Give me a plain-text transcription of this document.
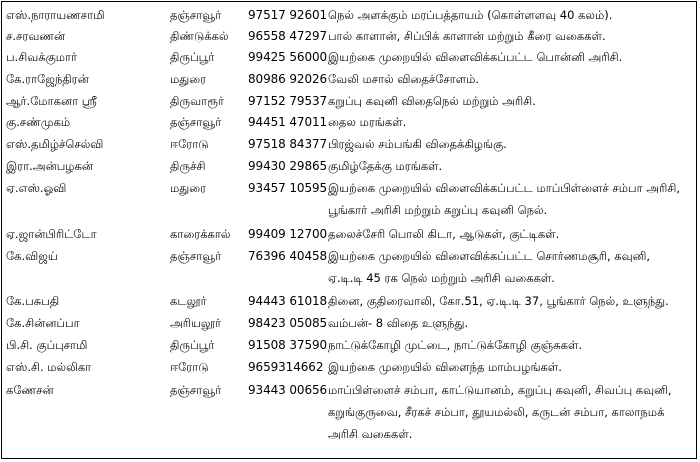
எஸ்.நாராயணசாமி	தஞ்சாவூர்	97517 92601 நெல் அளக்கும் மரப்பத்தாயம் (கொள்ளளவு 40 கலம்).
ச.சரவணன்	திண்டுக்கல்	96558 47297 பால் காளான், சிப்பிக் காளான் மற்றும் கீரை வகைகள்.
ப.சிவக்குமார்	திருப்பூர்	99425 56000 இயற்கை முறையில் விளைவிக்கப்பட்ட பொன்னி அரிசி.
கே.ராஜேந்திரன்	மதுரை	80986 92026 வேலி மசால் விதைச்சோளம்.
ஆர்.மோகனா ஸ்ரீ	திருவாரூர்	97152 79537 கறுப்பு கவுனி விதைநெல் மற்றும் அரிசி.
கு.சண்முகம்	தஞ்சாவூர்	94451 47011 தைல மரங்கள்.
எஸ்.தமிழ்ச்செல்வி	ஈரோடு	97518 84377 பிரஜ்வல் சம்பங்கி விதைக்கிழங்கு.
இரா.அன்பழகன்	திருச்சி	99430 29865 குமிழ்தேக்கு மரங்கள்.
ஏ.எஸ்.ஓவி	மதுரை	93457 10595 இயற்கை முறையில் விளைவிக்கப்பட்ட மாப்பிள்ளைச் சம்பா அரிசி,
பூங்கார் அரிசி மற்றும் கறுப்பு கவுனி நெல்.
ஏ.ஜான்பிரிட்டோ	காரைக்கால்	99409 12700 தலைச்சேரி பொலி கிடா, ஆடுகள், குட்டிகள்.
கே.விஜய்	தஞ்சாவூர்	76396 40458 இயற்கை முறையில் விளைவிக்கப்பட்ட சொர்ணமசூரி, கவுனி,
ஏ.டி.டி 45 ரக நெல் மற்றும் அரிசி வகைகள்.
கே.பசுபதி	கடலூர்	94443 61018 தினை, குதிரைவாலி, கோ.51, ஏ.டி.டி 37, பூங்கார் நெல், உளுந்து.
கே.சின்னப்பா	அரியலூர்	98423 05085 வம்பன்- 8 விதை உளுந்து.
பி.சி. குப்புசாமி	திருப்பூர்	91508 37590 நாட்டுக்கோழி முட்டை, நாட்டுக்கோழி குஞ்சுகள்.
எஸ்.சி. மல்லிகா	ஈரோடு	9659314662 இயற்கை முறையில் விளைந்த மாம்பழங்கள்.
கணேசன்	தஞ்சாவூர்	93443 00656 மாப்பிள்ளைச் சம்பா, காட்டுயானம், கறுப்பு கவுனி, சிவப்பு கவுனி,
கறுங்குருவை, சீரகச் சம்பா, தூயமல்லி, கருடன் சம்பா, காலாநமக்
அரிசி வகைகள்.
